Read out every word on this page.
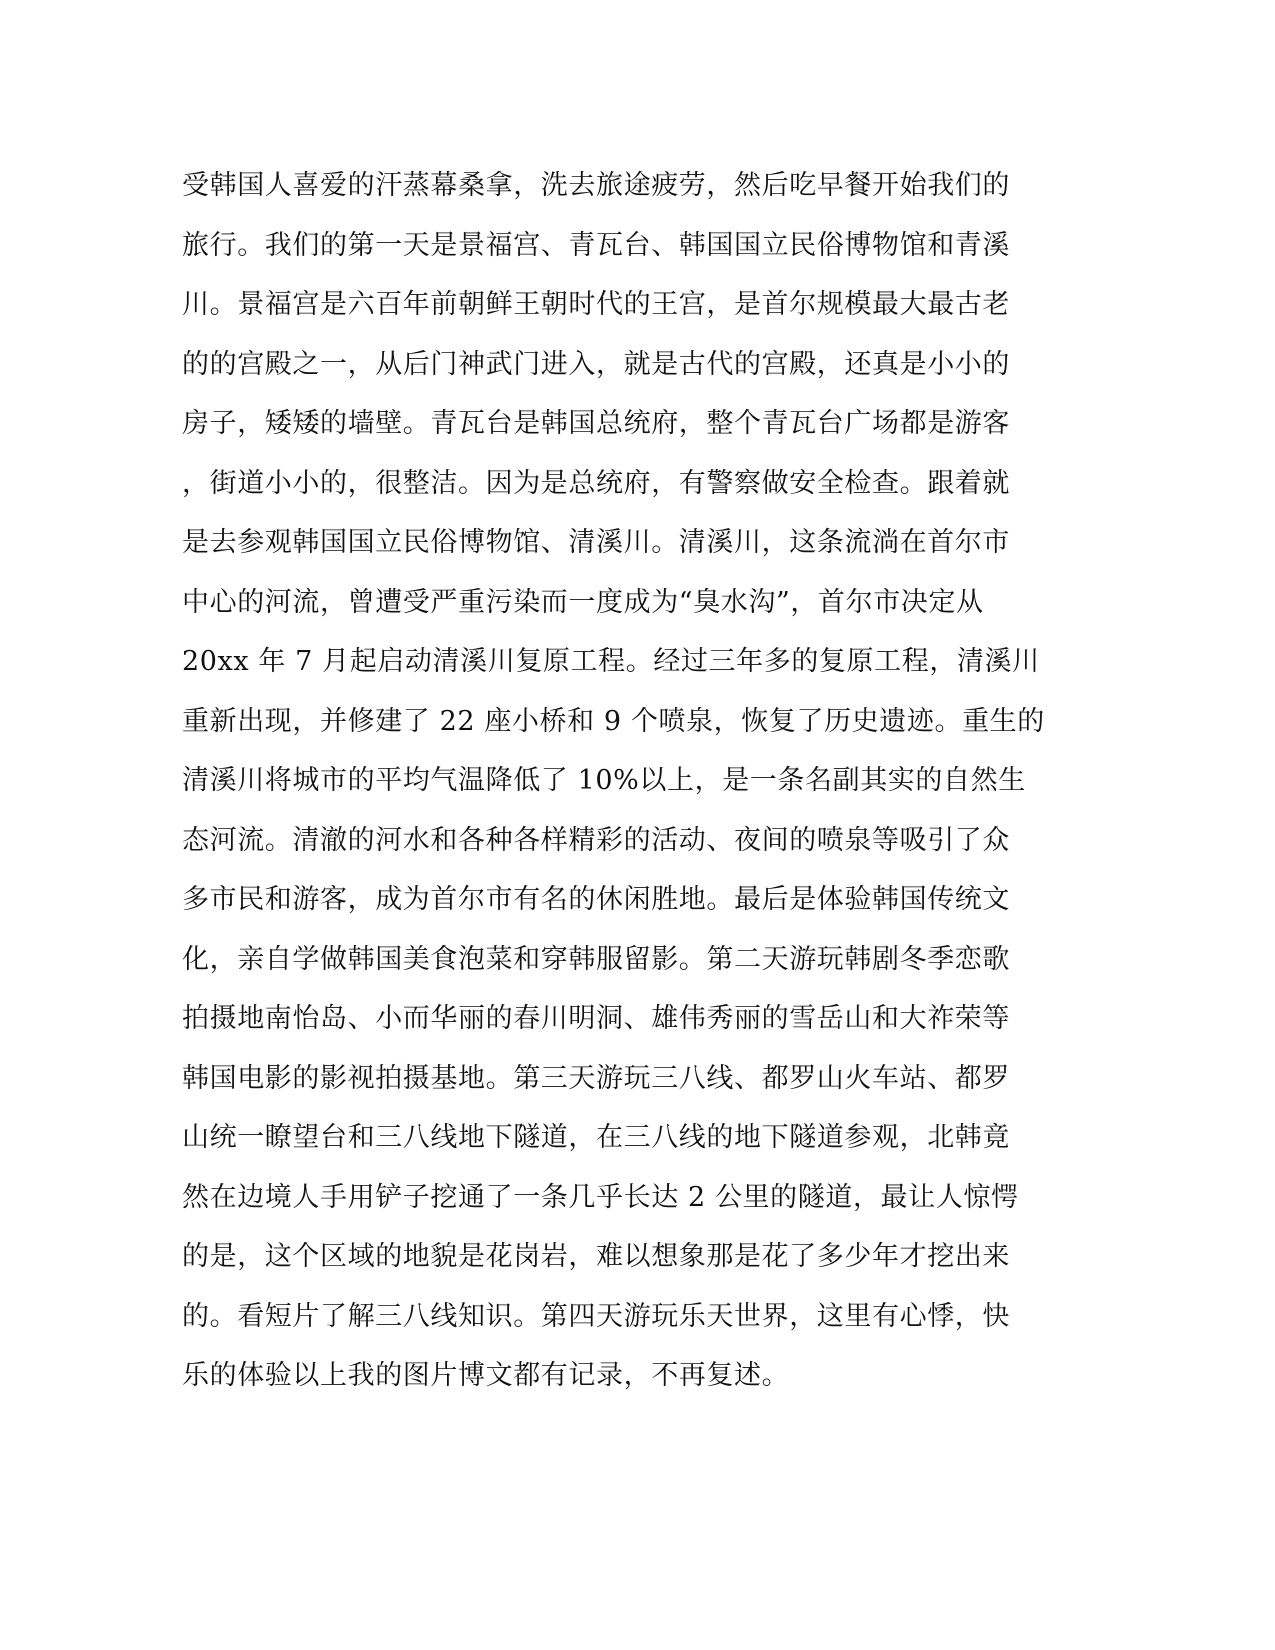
受韩国人喜爱的汗蒸幕桑拿，洗去旅途疲劳，然后吃早餐开始我们的
旅行。我们的第一天是景福宫、青瓦台、韩国国立民俗博物馆和青溪
川。景福宫是六百年前朝鲜王朝时代的王宫，是首尔规模最大最古老
的的宫殿之一，从后门神武门进入，就是古代的宫殿，还真是小小的
房子，矮矮的墙壁。青瓦台是韩国总统府，整个青瓦台广场都是游客
，街道小小的，很整洁。因为是总统府，有警察做安全检查。跟着就
是去参观韩国国立民俗博物馆、清溪川。清溪川，这条流淌在首尔市
中心的河流，曾遭受严重污染而一度成为“臭水沟”，首尔市决定从
20xx 年 7 月起启动清溪川复原工程。经过三年多的复原工程，清溪川
重新出现，并修建了 22 座小桥和 9 个喷泉，恢复了历史遗迹。重生的
清溪川将城市的平均气温降低了 10%以上，是一条名副其实的自然生
态河流。清澈的河水和各种各样精彩的活动、夜间的喷泉等吸引了众
多市民和游客，成为首尔市有名的休闲胜地。最后是体验韩国传统文
化，亲自学做韩国美食泡菜和穿韩服留影。第二天游玩韩剧冬季恋歌
拍摄地南怡岛、小而华丽的春川明洞、雄伟秀丽的雪岳山和大祚荣等
韩国电影的影视拍摄基地。第三天游玩三八线、都罗山火车站、都罗
山统一瞭望台和三八线地下隧道，在三八线的地下隧道参观，北韩竟
然在边境人手用铲子挖通了一条几乎长达 2 公里的隧道，最让人惊愕
的是，这个区域的地貌是花岗岩，难以想象那是花了多少年才挖出来
的。看短片了解三八线知识。第四天游玩乐天世界，这里有心悸，快
乐的体验以上我的图片博文都有记录，不再复述。
